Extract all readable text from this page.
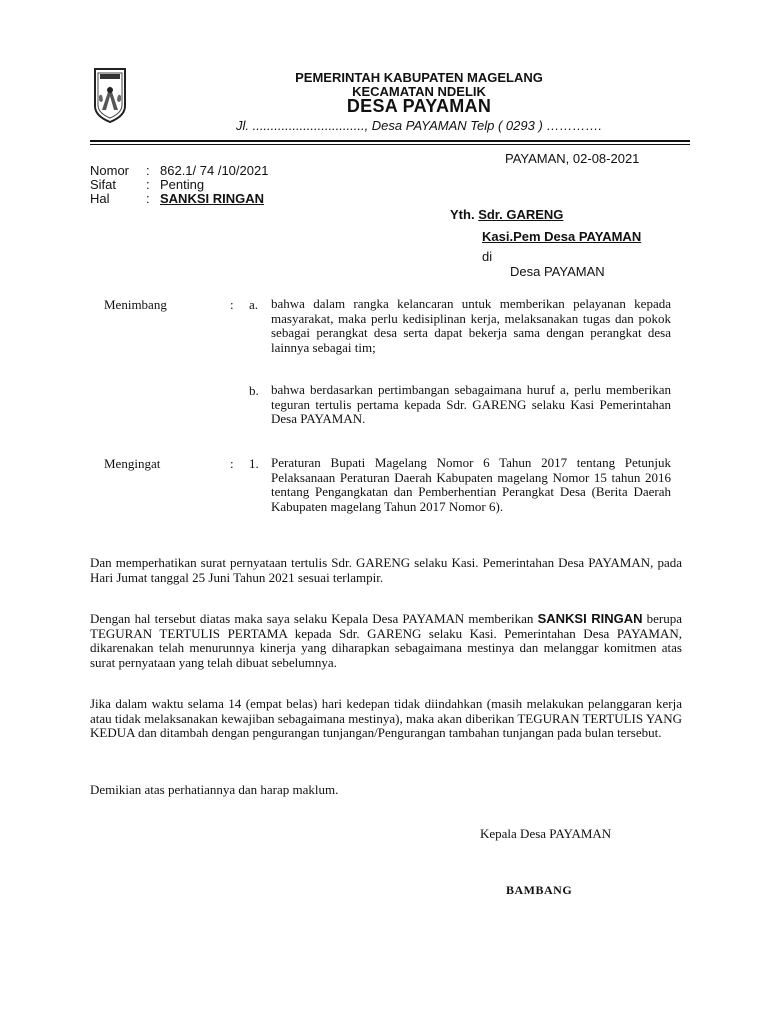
PEMERINTAH KABUPATEN MAGELANG
KECAMATAN NDELIK
DESA PAYAMAN
Jl. ..............................., Desa PAYAMAN Telp ( 0293 ) ………….
PAYAMAN, 02-08-2021
Nomor : 862.1/ 74 /10/2021
Sifat : Penting
Hal	: SANKSI RINGAN
Yth. Sdr. GARENG
Kasi.Pem Desa PAYAMAN
di
Desa PAYAMAN
Menimbang	: a. bahwa dalam rangka kelancaran untuk memberikan pelayanan kepada masyarakat, maka perlu kedisiplinan kerja, melaksanakan tugas dan pokok sebagai perangkat desa serta dapat bekerja sama dengan perangkat desa lainnya sebagai tim;
b. bahwa berdasarkan pertimbangan sebagaimana huruf a, perlu memberikan teguran tertulis pertama kepada Sdr. GARENG selaku Kasi Pemerintahan Desa PAYAMAN.
Mengingat	: 1. Peraturan Bupati Magelang Nomor 6 Tahun 2017 tentang Petunjuk Pelaksanaan Peraturan Daerah Kabupaten magelang Nomor 15 tahun 2016 tentang Pengangkatan dan Pemberhentian Perangkat Desa (Berita Daerah Kabupaten magelang Tahun 2017 Nomor 6).
Dan memperhatikan surat pernyataan tertulis Sdr. GARENG selaku Kasi. Pemerintahan Desa PAYAMAN, pada Hari Jumat tanggal 25 Juni Tahun 2021 sesuai terlampir.
Dengan hal tersebut diatas maka saya selaku Kepala Desa PAYAMAN memberikan SANKSI RINGAN berupa TEGURAN TERTULIS PERTAMA kepada Sdr. GARENG selaku Kasi. Pemerintahan Desa PAYAMAN, dikarenakan telah menurunnya kinerja yang diharapkan sebagaimana mestinya dan melanggar komitmen atas surat pernyataan yang telah dibuat sebelumnya.
Jika dalam waktu selama 14 (empat belas) hari kedepan tidak diindahkan (masih melakukan pelanggaran kerja atau tidak melaksanakan kewajiban sebagaimana mestinya), maka akan diberikan TEGURAN TERTULIS YANG KEDUA dan ditambah dengan pengurangan tunjangan/Pengurangan tambahan tunjangan pada bulan tersebut.
Demikian atas perhatiannya dan harap maklum.
Kepala Desa PAYAMAN
BAMBANG
